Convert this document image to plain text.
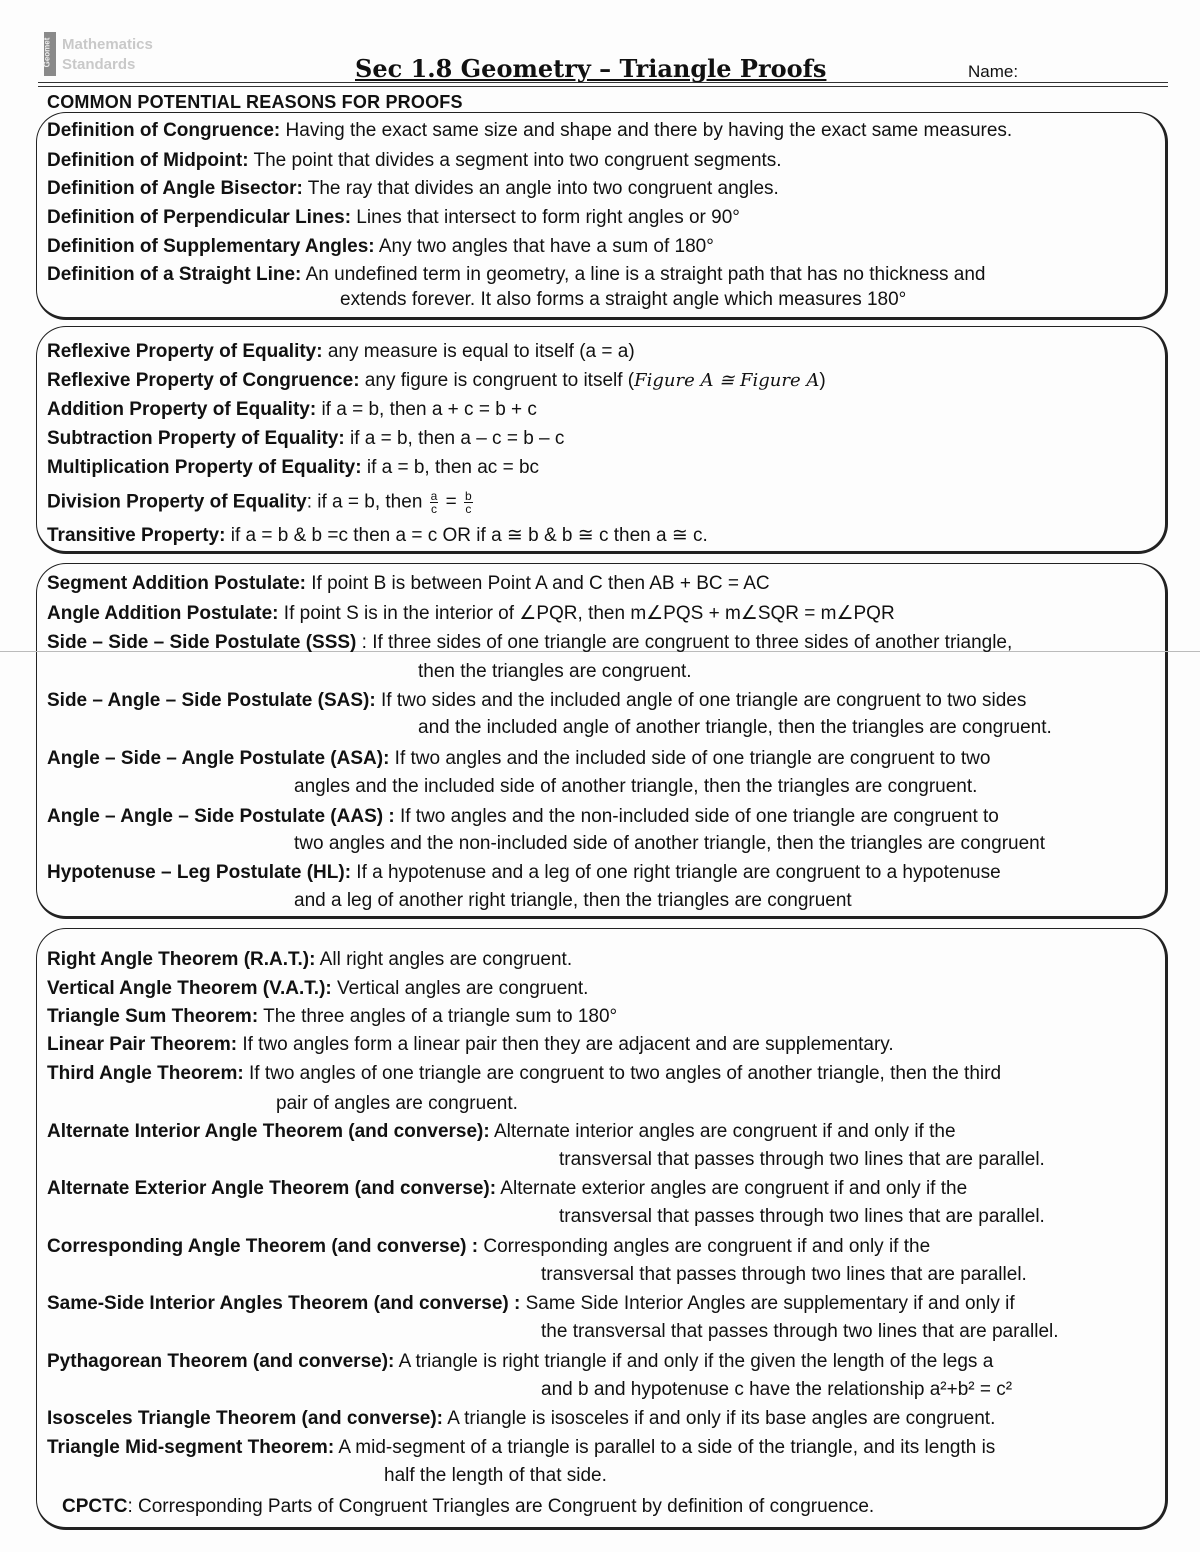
Geomet Mathematics
Standards	Sec 1.8 Geometry – Triangle Proofs	Name:
COMMON POTENTIAL REASONS FOR PROOFS
Definition of Congruence: Having the exact same size and shape and there by having the exact same measures.
Definition of Midpoint: The point that divides a segment into two congruent segments.
Definition of Angle Bisector: The ray that divides an angle into two congruent angles.
Definition of Perpendicular Lines: Lines that intersect to form right angles or 90°
Definition of Supplementary Angles: Any two angles that have a sum of 180°
Definition of a Straight Line: An undefined term in geometry, a line is a straight path that has no thickness and
extends forever. It also forms a straight angle which measures 180°
Reflexive Property of Equality: any measure is equal to itself (a = a)
Reflexive Property of Congruence: any figure is congruent to itself (Figure A ≅ Figure A)
Addition Property of Equality: if a = b, then a + c = b + c
Subtraction Property of Equality: if a = b, then a – c = b – c
Multiplication Property of Equality: if a = b, then ac = bc
Division Property of Equality: if a = b, then $\frac{a}{c} = \frac{b}{c}$
Transitive Property: if a = b & b =c then a = c OR if a ≅ b & b ≅ c then a ≅ c.
Segment Addition Postulate: If point B is between Point A and C then AB + BC = AC
Angle Addition Postulate: If point S is in the interior of ∠PQR, then m∠PQS + m∠SQR = m∠PQR
Side – Side – Side Postulate (SSS) : If three sides of one triangle are congruent to three sides of another triangle,
then the triangles are congruent.
Side – Angle – Side Postulate (SAS): If two sides and the included angle of one triangle are congruent to two sides
and the included angle of another triangle, then the triangles are congruent.
Angle – Side – Angle Postulate (ASA): If two angles and the included side of one triangle are congruent to two
angles and the included side of another triangle, then the triangles are congruent.
Angle – Angle – Side Postulate (AAS) : If two angles and the non-included side of one triangle are congruent to
two angles and the non-included side of another triangle, then the triangles are congruent
Hypotenuse – Leg Postulate (HL): If a hypotenuse and a leg of one right triangle are congruent to a hypotenuse
and a leg of another right triangle, then the triangles are congruent
Right Angle Theorem (R.A.T.): All right angles are congruent.
Vertical Angle Theorem (V.A.T.): Vertical angles are congruent.
Triangle Sum Theorem: The three angles of a triangle sum to 180°
Linear Pair Theorem: If two angles form a linear pair then they are adjacent and are supplementary.
Third Angle Theorem: If two angles of one triangle are congruent to two angles of another triangle, then the third
pair of angles are congruent.
Alternate Interior Angle Theorem (and converse): Alternate interior angles are congruent if and only if the
transversal that passes through two lines that are parallel.
Alternate Exterior Angle Theorem (and converse): Alternate exterior angles are congruent if and only if the
transversal that passes through two lines that are parallel.
Corresponding Angle Theorem (and converse) : Corresponding angles are congruent if and only if the
transversal that passes through two lines that are parallel.
Same-Side Interior Angles Theorem (and converse) : Same Side Interior Angles are supplementary if and only if
the transversal that passes through two lines that are parallel.
Pythagorean Theorem (and converse): A triangle is right triangle if and only if the given the length of the legs a
and b and hypotenuse c have the relationship a²+b² = c²
Isosceles Triangle Theorem (and converse): A triangle is isosceles if and only if its base angles are congruent.
Triangle Mid-segment Theorem: A mid-segment of a triangle is parallel to a side of the triangle, and its length is
half the length of that side.
CPCTC: Corresponding Parts of Congruent Triangles are Congruent by definition of congruence.
